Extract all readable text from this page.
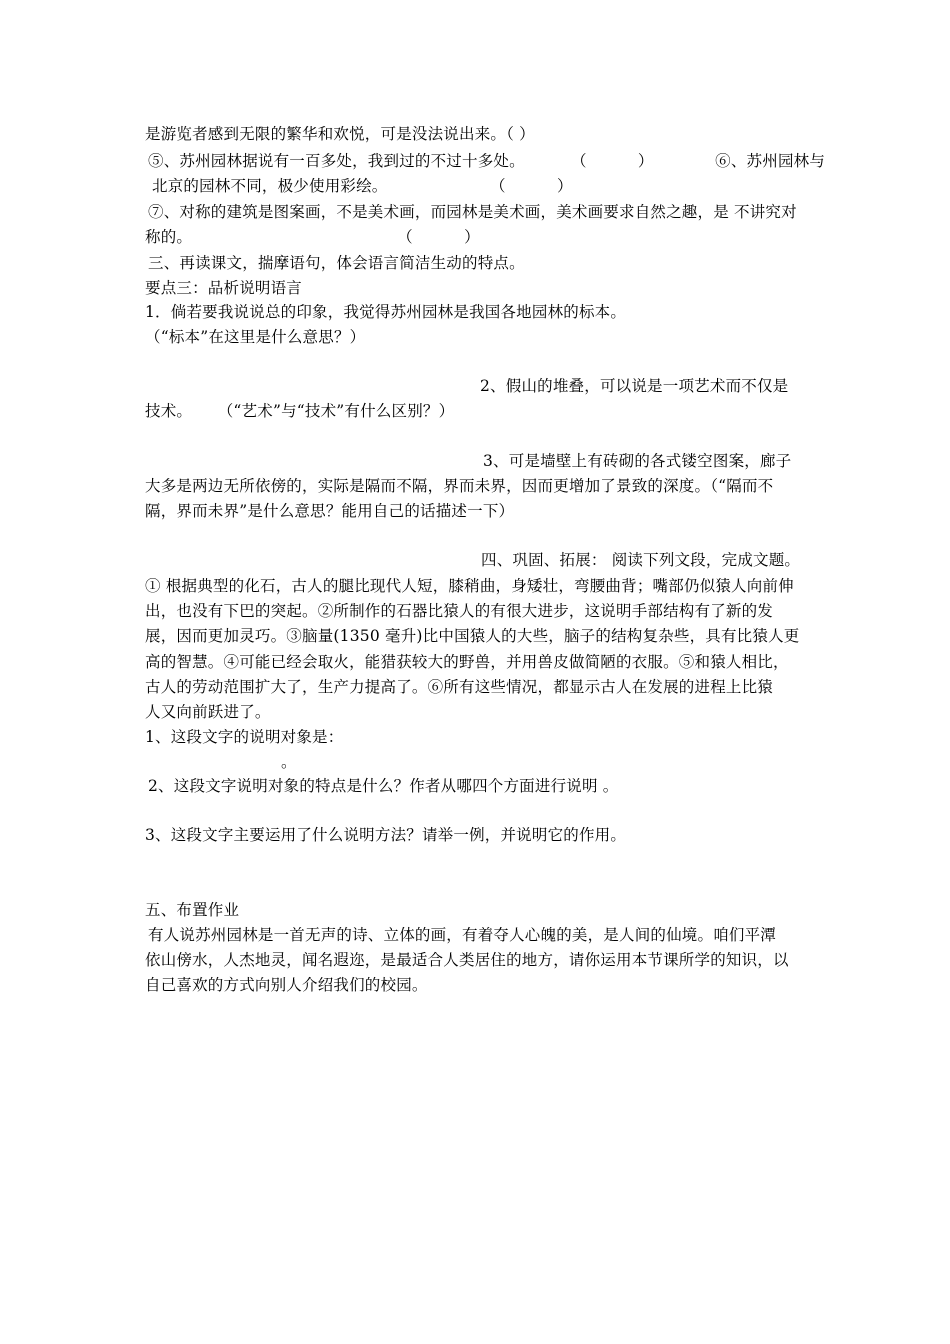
是游览者感到无限的繁华和欢悦，可是没法说出来。（ ）
⑤、苏州园林据说有一百多处，我到过的不过十多处。         （          ）            ⑥、苏州园林与
北京的园林不同，极少使用彩绘。                    （          ）
⑦、对称的建筑是图案画，不是美术画，而园林是美术画，美术画要求自然之趣，是 不讲究对
称的。                                        （          ）
三、再读课文，揣摩语句，体会语言简洁生动的特点。
要点三：品析说明语言
1．倘若要我说说总的印象，我觉得苏州园林是我国各地园林的标本。
（“标本”在这里是什么意思？）
2、假山的堆叠，可以说是一项艺术而不仅是
技术。     （“艺术”与“技术”有什么区别？）
3、可是墙壁上有砖砌的各式镂空图案，廊子
大多是两边无所依傍的，实际是隔而不隔，界而未界，因而更增加了景致的深度。（“隔而不
隔，界而未界”是什么意思？能用自己的话描述一下）
四、巩固、拓展： 阅读下列文段，完成文题。
① 根据典型的化石，古人的腿比现代人短，膝稍曲，身矮壮，弯腰曲背；嘴部仍似猿人向前伸
出，也没有下巴的突起。②所制作的石器比猿人的有很大进步，这说明手部结构有了新的发
展，因而更加灵巧。③脑量(1350 毫升)比中国猿人的大些，脑子的结构复杂些，具有比猿人更
高的智慧。④可能已经会取火，能猎获较大的野兽，并用兽皮做简陋的衣服。⑤和猿人相比，
古人的劳动范围扩大了，生产力提高了。⑥所有这些情况，都显示古人在发展的进程上比猿
人又向前跃进了。
1、这段文字的说明对象是：
。
2、这段文字说明对象的特点是什么？作者从哪四个方面进行说明 。
3、这段文字主要运用了什么说明方法？请举一例，并说明它的作用。
五、布置作业
有人说苏州园林是一首无声的诗、立体的画，有着夺人心魄的美，是人间的仙境。咱们平潭
依山傍水，人杰地灵，闻名遐迩，是最适合人类居住的地方，请你运用本节课所学的知识，以
自己喜欢的方式向别人介绍我们的校园。
